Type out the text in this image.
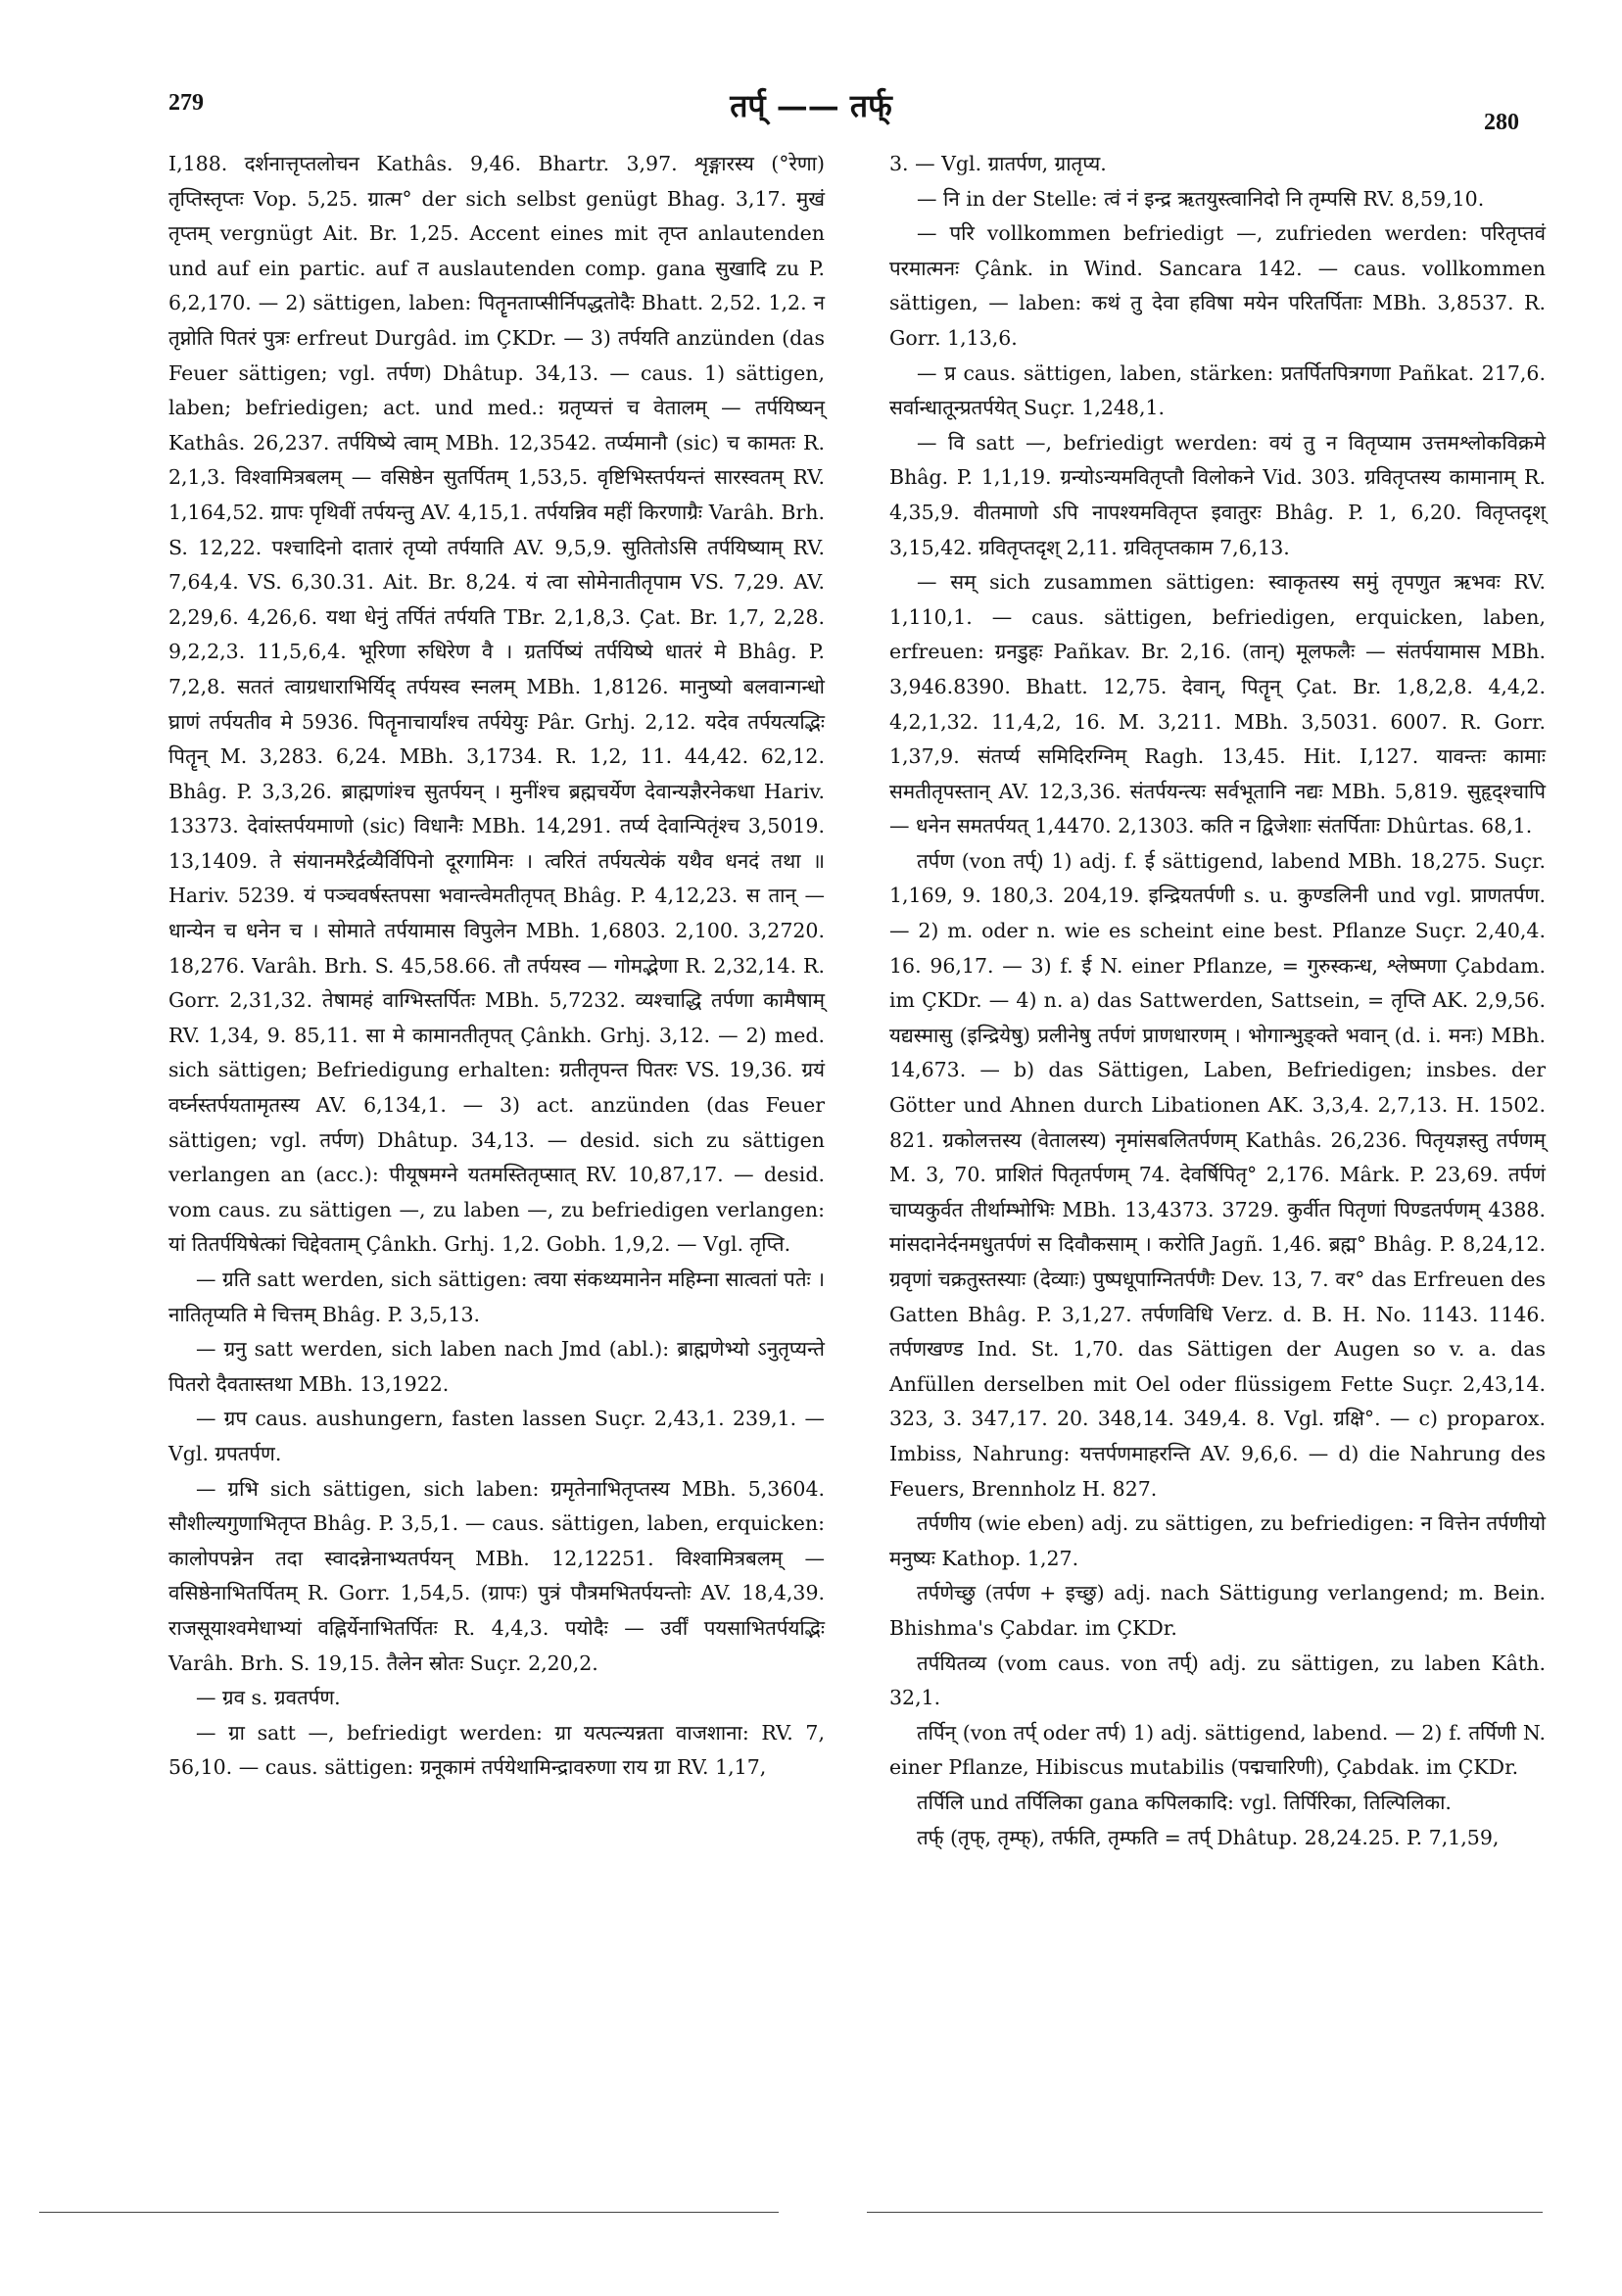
279	तर्प् —— तर्फ्	280

I,188. दर्शनात्तृप्तलोचन Kathâs. 9,46. Bhartr. 3,97. शृङ्गारस्य (°रेणा) तृप्तिस्तृप्तः Vop. 5,25. ग्रात्म° der sich selbst genügt Bhag. 3,17. मुखं तृप्तम् vergnügt Ait. Br. 1,25. Accent eines mit तृप्त anlautenden und auf ein partic. auf त auslautenden comp. gana सुखादि zu P. 6,2,170. — 2) sättigen, laben: पितॄनताप्सीर्निपद्धतोदैः Bhatt. 2,52. 1,2. न तृप्नोति पितरं पुत्रः erfreut Durgâd. im ÇKDr. — 3) तर्पयति anzünden (das Feuer sättigen; vgl. तर्पण) Dhâtup. 34,13. — caus. 1) sättigen, laben; befriedigen; act. und med.: ग्रतृप्यत्तं च वेतालम् — तर्पयिष्यन् Kathâs. 26,237. तर्पयिष्ये त्वाम् MBh. 12,3542. तर्प्यमानौ (sic) च कामतः R. 2,1,3. विश्वामित्रबलम् — वसिष्ठेन सुतर्पितम् 1,53,5. वृष्टिभिस्तर्पयन्तं सारस्वतम् RV. 1,164,52. ग्रापः पृथिवीं तर्पयन्तु AV. 4,15,1. तर्पयन्निव महीं किरणाग्रैः Varâh. Brh. S. 12,22. पश्चादिनो दातारं तृप्यो तर्पयाति AV. 9,5,9. सुतितोऽसि तर्पयिष्याम् RV. 7,64,4. VS. 6,30.31. Ait. Br. 8,24. यं त्वा सोमेनातीतृपाम VS. 7,29. AV. 2,29,6. 4,26,6. यथा धेनुं तर्पितं तर्पयति TBr. 2,1,8,3. Çat. Br. 1,7, 2,28. 9,2,2,3. 11,5,6,4. भूरिणा रुधिरेण वै । ग्रतर्पिष्यं तर्पयिष्ये धातरं मे Bhâg. P. 7,2,8. सततं त्वाग्रधाराभिर्यिद् तर्पयस्व स्नलम् MBh. 1,8126. मानुष्यो बलवान्गन्धो घ्राणं तर्पयतीव मे 5936. पितॄनाचार्यांश्च तर्पयेयुः Pâr. Grhj. 2,12. यदेव तर्पयत्यद्भिः पितॄन् M. 3,283. 6,24. MBh. 3,1734. R. 1,2, 11. 44,42. 62,12. Bhâg. P. 3,3,26. ब्राह्मणांश्च सुतर्पयन् । मुनींश्च ब्रह्मचर्येण देवान्यज्ञैरनेकधा Hariv. 13373. देवांस्तर्पयमाणो (sic) विधानैः MBh. 14,291. तर्प्य देवान्पितृंश्च 3,5019. 13,1409. ते संयानमरैर्द्रव्यैर्विपिनो दूरगामिनः । त्वरितं तर्पयत्येकं यथैव धनदं तथा ॥ Hariv. 5239. यं पञ्चवर्षस्तपसा भवान्त्वेमतीतृपत् Bhâg. P. 4,12,23. स तान् — धान्येन च धनेन च । सोमाते तर्पयामास विपुलेन MBh. 1,6803. 2,100. 3,2720. 18,276. Varâh. Brh. S. 45,58.66. तौ तर्पयस्व — गोमद्भेणा R. 2,32,14. R. Gorr. 2,31,32. तेषामहं वाग्भिस्तर्पितः MBh. 5,7232. व्यश्चाद्धि तर्पणा कामैषाम् RV. 1,34, 9. 85,11. सा मे कामानतीतृपत् Çânkh. Grhj. 3,12. — 2) med. sich sättigen; Befriedigung erhalten: ग्रतीतृपन्त पितरः VS. 19,36. ग्रयं वर्घ्नस्तर्पयतामृतस्य AV. 6,134,1. — 3) act. anzünden (das Feuer sättigen; vgl. तर्पण) Dhâtup. 34,13. — desid. sich zu sättigen verlangen an (acc.): पीयूषमग्ने यतमस्तितृप्सात् RV. 10,87,17. — desid. vom caus. zu sättigen —, zu laben —, zu befriedigen verlangen: यां तितर्पयिषेत्कां चिद्देवताम् Çânkh. Grhj. 1,2. Gobh. 1,9,2. — Vgl. तृप्ति.

— ग्रति satt werden, sich sättigen: त्वया संकथ्यमानेन महिम्ना सात्वतां पतेः । नातितृप्यति मे चित्तम् Bhâg. P. 3,5,13.

— ग्रनु satt werden, sich laben nach Jmd (abl.): ब्राह्मणेभ्यो ऽनुतृप्यन्ते पितरो दैवतास्तथा MBh. 13,1922.

— ग्रप caus. aushungern, fasten lassen Suçr. 2,43,1. 239,1. — Vgl. ग्रपतर्पण.

— ग्रभि sich sättigen, sich laben: ग्रमृतेनाभितृप्तस्य MBh. 5,3604. सौशील्यगुणाभितृप्त Bhâg. P. 3,5,1. — caus. sättigen, laben, erquicken: कालोपपन्नेन तदा स्वादन्नेनाभ्यतर्पयन् MBh. 12,12251. विश्वामित्रबलम् — वसिष्ठेनाभितर्पितम् R. Gorr. 1,54,5. (ग्रापः) पुत्रं पौत्रमभितर्पयन्तोः AV. 18,4,39. राजसूयाश्वमेधाभ्यां वह्निर्येनाभितर्पितः R. 4,4,3. पयोदैः — उर्वीं पयसाभितर्पयद्भिः Varâh. Brh. S. 19,15. तैलेन स्रोतः Suçr. 2,20,2.

— ग्रव s. ग्रवतर्पण.

— ग्रा satt —, befriedigt werden: ग्रा यत्पत्न्यन्नता वाजशाना: RV. 7, 56,10. — caus. sättigen: ग्रनूकामं तर्पयेथामिन्द्रावरुणा राय ग्रा RV. 1,17,

3. — Vgl. ग्रातर्पण, ग्रातृप्य.

— नि in der Stelle: त्वं नं इन्द्र ऋतयुस्त्वानिदो नि तृम्पसि RV. 8,59,10.

— परि vollkommen befriedigt —, zufrieden werden: परितृप्तवं परमात्मनः Çânk. in Wind. Sancara 142. — caus. vollkommen sättigen, — laben: कथं तु देवा हविषा मयेन परितर्पिताः MBh. 3,8537. R. Gorr. 1,13,6.

— प्र caus. sättigen, laben, stärken: प्रतर्पितपित्रगणा Pañkat. 217,6. सर्वान्धातून्प्रतर्पयेत् Suçr. 1,248,1.

— वि satt —, befriedigt werden: वयं तु न वितृप्याम उत्तमश्लोकविक्रमे Bhâg. P. 1,1,19. ग्रन्योऽन्यमवितृप्तौ विलोकने Vid. 303. ग्रवितृप्तस्य कामानाम् R. 4,35,9. वीतमाणो ऽपि नापश्यमवितृप्त इवातुरः Bhâg. P. 1, 6,20. वितृप्तदृश् 3,15,42. ग्रवितृप्तदृश् 2,11. ग्रवितृप्तकाम 7,6,13.

— सम् sich zusammen sättigen: स्वाकृतस्य समुं तृपणुत ऋभवः RV. 1,110,1. — caus. sättigen, befriedigen, erquicken, laben, erfreuen: ग्रनडुहः Pañkav. Br. 2,16. (तान्) मूलफलैः — संतर्पयामास MBh. 3,946.8390. Bhatt. 12,75. देवान्, पितॄन् Çat. Br. 1,8,2,8. 4,4,2. 4,2,1,32. 11,4,2, 16. M. 3,211. MBh. 3,5031. 6007. R. Gorr. 1,37,9. संतर्प्य समिदिरग्निम् Ragh. 13,45. Hit. I,127. यावन्तः कामाः समतीतृपस्तान् AV. 12,3,36. संतर्पयन्त्यः सर्वभूतानि नद्यः MBh. 5,819. सुहृद्श्चापि — धनेन समतर्पयत् 1,4470. 2,1303. कति न द्विजेशाः संतर्पिताः Dhûrtas. 68,1.

तर्पण (von तर्प्) 1) adj. f. ई sättigend, labend MBh. 18,275. Suçr. 1,169, 9. 180,3. 204,19. इन्द्रियतर्पणी s. u. कुण्डलिनी und vgl. प्राणतर्पण. — 2) m. oder n. wie es scheint eine best. Pflanze Suçr. 2,40,4. 16. 96,17. — 3) f. ई N. einer Pflanze, = गुरुस्कन्ध, श्लेष्मणा Çabdam. im ÇKDr. — 4) n. a) das Sattwerden, Sattsein, = तृप्ति AK. 2,9,56. यद्यस्मासु (इन्द्रियेषु) प्रलीनेषु तर्पणं प्राणधारणम् । भोगान्भुङ्क्ते भवान् (d. i. मनः) MBh. 14,673. — b) das Sättigen, Laben, Befriedigen; insbes. der Götter und Ahnen durch Libationen AK. 3,3,4. 2,7,13. H. 1502. 821. ग्रकोलत्तस्य (वेतालस्य) नृमांसबलितर्पणम् Kathâs. 26,236. पितृयज्ञस्तु तर्पणम् M. 3, 70. प्राशितं पितृतर्पणम् 74. देवर्षिपितृ° 2,176. Mârk. P. 23,69. तर्पणं चाप्यकुर्वत तीर्थाम्भोभिः MBh. 13,4373. 3729. कुर्वीत पितृणां पिण्डतर्पणम् 4388. मांसदानेर्दनमधुतर्पणं स दिवौकसाम् । करोति Jagñ. 1,46. ब्रह्म° Bhâg. P. 8,24,12. ग्रवृणां चक्रतुस्तस्याः (देव्याः) पुष्पधूपाग्नितर्पणैः Dev. 13, 7. वर° das Erfreuen des Gatten Bhâg. P. 3,1,27. तर्पणविधि Verz. d. B. H. No. 1143. 1146. तर्पणखण्ड Ind. St. 1,70. das Sättigen der Augen so v. a. das Anfüllen derselben mit Oel oder flüssigem Fette Suçr. 2,43,14. 323, 3. 347,17. 20. 348,14. 349,4. 8. Vgl. ग्रक्षि°. — c) proparox. Imbiss, Nahrung: यत्तर्पणमाहरन्ति AV. 9,6,6. — d) die Nahrung des Feuers, Brennholz H. 827.

तर्पणीय (wie eben) adj. zu sättigen, zu befriedigen: न वित्तेन तर्पणीयो मनुष्यः Kathop. 1,27.

तर्पणेच्छु (तर्पण + इच्छु) adj. nach Sättigung verlangend; m. Bein. Bhishma's Çabdar. im ÇKDr.

तर्पयितव्य (vom caus. von तर्प्) adj. zu sättigen, zu laben Kâth. 32,1.

तर्पिन् (von तर्प् oder तर्प) 1) adj. sättigend, labend. — 2) f. तर्पिणी N. einer Pflanze, Hibiscus mutabilis (पद्मचारिणी), Çabdak. im ÇKDr.

तर्पिलि und तर्पिलिका gana कपिलकादि: vgl. तिर्पिरिका, तिल्पिलिका.

तर्फ् (तृफ्, तृम्फ्), तर्फति, तृम्फति = तर्प् Dhâtup. 28,24.25. P. 7,1,59,
